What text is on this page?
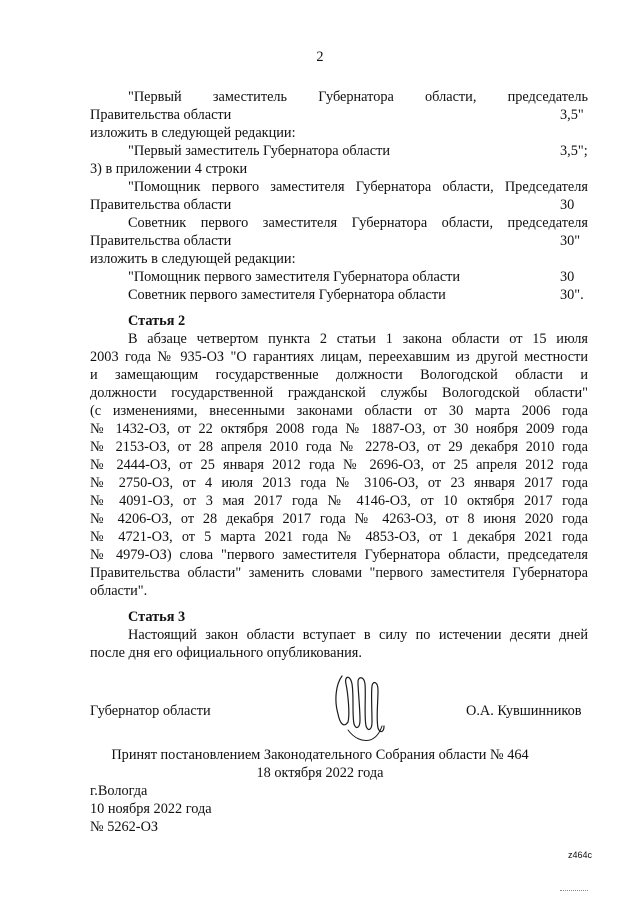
2
"Первый заместитель Губернатора области, председатель
Правительства области	3,5"
изложить в следующей редакции:
"Первый заместитель Губернатора области	3,5";
3) в приложении 4 строки
"Помощник первого заместителя Губернатора области, Председателя
Правительства области	30
Советник первого заместителя Губернатора области, председателя
Правительства области	30"
изложить в следующей редакции:
"Помощник первого заместителя Губернатора области	30
Советник первого заместителя Губернатора области	30".
Статья 2
В абзаце четвертом пункта 2 статьи 1 закона области от 15 июля
2003 года № 935-ОЗ "О гарантиях лицам, переехавшим из другой местности
и замещающим государственные должности Вологодской области и
должности государственной гражданской службы Вологодской области"
(с изменениями, внесенными законами области от 30 марта 2006 года
№ 1432-ОЗ, от 22 октября 2008 года № 1887-ОЗ, от 30 ноября 2009 года
№ 2153-ОЗ, от 28 апреля 2010 года № 2278-ОЗ, от 29 декабря 2010 года
№ 2444-ОЗ, от 25 января 2012 года № 2696-ОЗ, от 25 апреля 2012 года
№ 2750-ОЗ, от 4 июля 2013 года № 3106-ОЗ, от 23 января 2017 года
№ 4091-ОЗ, от 3 мая 2017 года № 4146-ОЗ, от 10 октября 2017 года
№ 4206-ОЗ, от 28 декабря 2017 года № 4263-ОЗ, от 8 июня 2020 года
№ 4721-ОЗ, от 5 марта 2021 года № 4853-ОЗ, от 1 декабря 2021 года
№ 4979-ОЗ) слова "первого заместителя Губернатора области, председателя
Правительства области" заменить словами "первого заместителя Губернатора
области".
Статья 3
Настоящий закон области вступает в силу по истечении десяти дней
после дня его официального опубликования.
Губернатор области	О.А. Кувшинников
Принят постановлением Законодательного Собрания области № 464
18 октября 2022 года
г.Вологда
10 ноября 2022 года
№ 5262-ОЗ
z464c
